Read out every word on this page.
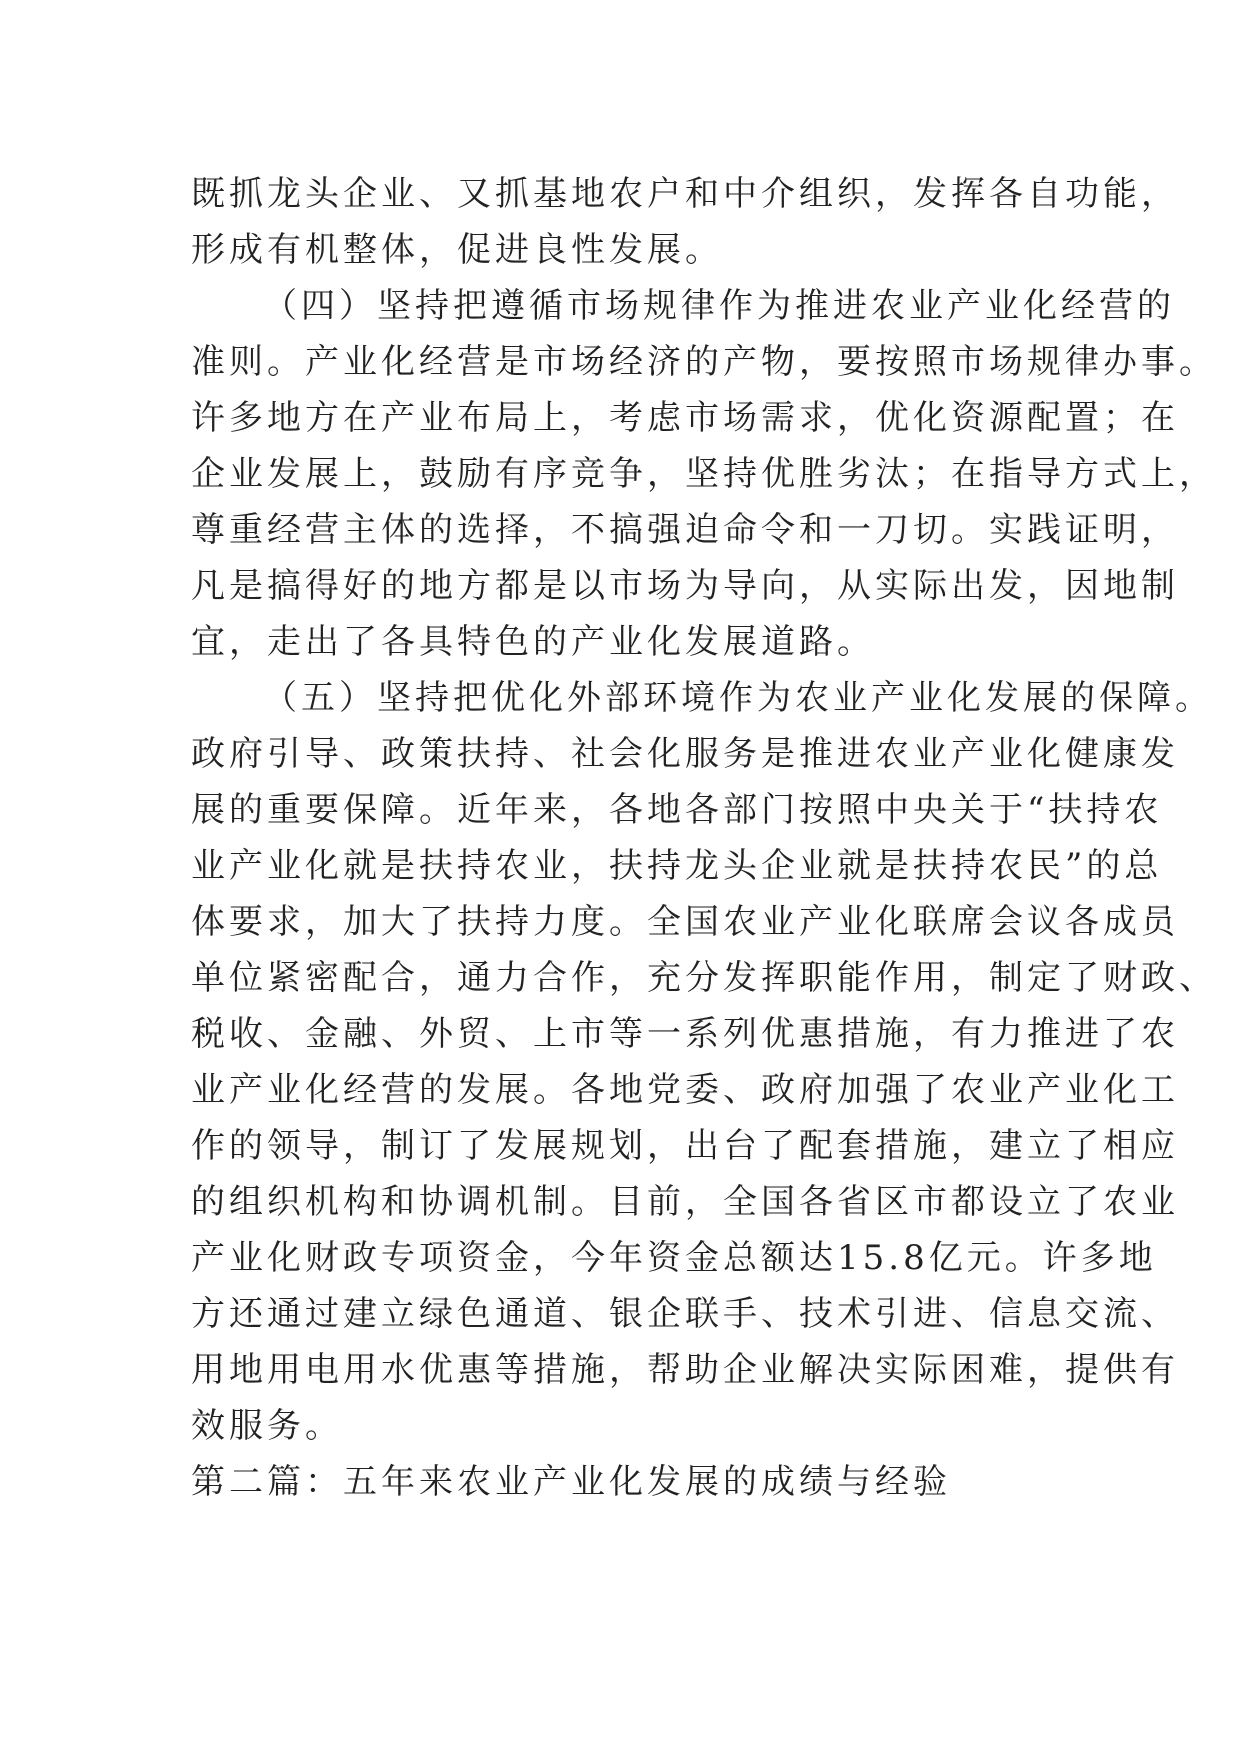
既 抓 龙 头 企 业 、 又 抓 基 地 农 户 和 中 介 组 织 ， 发 挥 各 自 功 能 ，
形成有机整体，促进良性发展。
（ 四 ） 坚 持 把 遵 循 市 场 规 律 作 为 推 进 农 业 产 业 化 经 营 的
准 则 。 产 业 化 经 营 是 市 场 经 济 的 产 物 ， 要 按 照 市 场 规 律 办 事 。
许 多 地 方 在 产 业 布 局 上 ， 考 虑 市 场 需 求 ， 优 化 资 源 配 置 ； 在
企 业 发 展 上 ， 鼓 励 有 序 竞 争 ， 坚 持 优 胜 劣 汰 ； 在 指 导 方 式 上 ，
尊 重 经 营 主 体 的 选 择 ， 不 搞 强 迫 命 令 和 一 刀 切 。 实 践 证 明 ，
凡 是 搞 得 好 的 地 方 都 是 以 市 场 为 导 向 ， 从 实 际 出 发 ， 因 地 制
宜，走出了各具特色的产业化发展道路。
（ 五 ） 坚 持 把 优 化 外 部 环 境 作 为 农 业 产 业 化 发 展 的 保 障 。
政 府 引 导 、 政 策 扶 持 、 社 会 化 服 务 是 推 进 农 业 产 业 化 健 康 发
展 的 重 要 保 障 。 近 年 来 ， 各 地 各 部 门 按 照 中 央 关 于 “ 扶 持 农
业 产 业 化 就 是 扶 持 农 业 ， 扶 持 龙 头 企 业 就 是 扶 持 农 民 ” 的 总
体 要 求 ， 加 大 了 扶 持 力 度 。 全 国 农 业 产 业 化 联 席 会 议 各 成 员
单 位 紧 密 配 合 ， 通 力 合 作 ， 充 分 发 挥 职 能 作 用 ， 制 定 了 财 政 、
税 收 、 金 融 、 外 贸 、 上 市 等 一 系 列 优 惠 措 施 ， 有 力 推 进 了 农
业 产 业 化 经 营 的 发 展 。 各 地 党 委 、 政 府 加 强 了 农 业 产 业 化 工
作 的 领 导 ， 制 订 了 发 展 规 划 ， 出 台 了 配 套 措 施 ， 建 立 了 相 应
的 组 织 机 构 和 协 调 机 制 。 目 前 ， 全 国 各 省 区 市 都 设 立 了 农 业
产 业 化 财 政 专 项 资 金 ， 今 年 资 金 总 额 达 15.8 亿 元 。 许 多 地
方 还 通 过 建 立 绿 色 通 道 、 银 企 联 手 、 技 术 引 进 、 信 息 交 流 、
用 地 用 电 用 水 优 惠 等 措 施 ， 帮 助 企 业 解 决 实 际 困 难 ， 提 供 有
效服务。
第二篇：五年来农业产业化发展的成绩与经验
